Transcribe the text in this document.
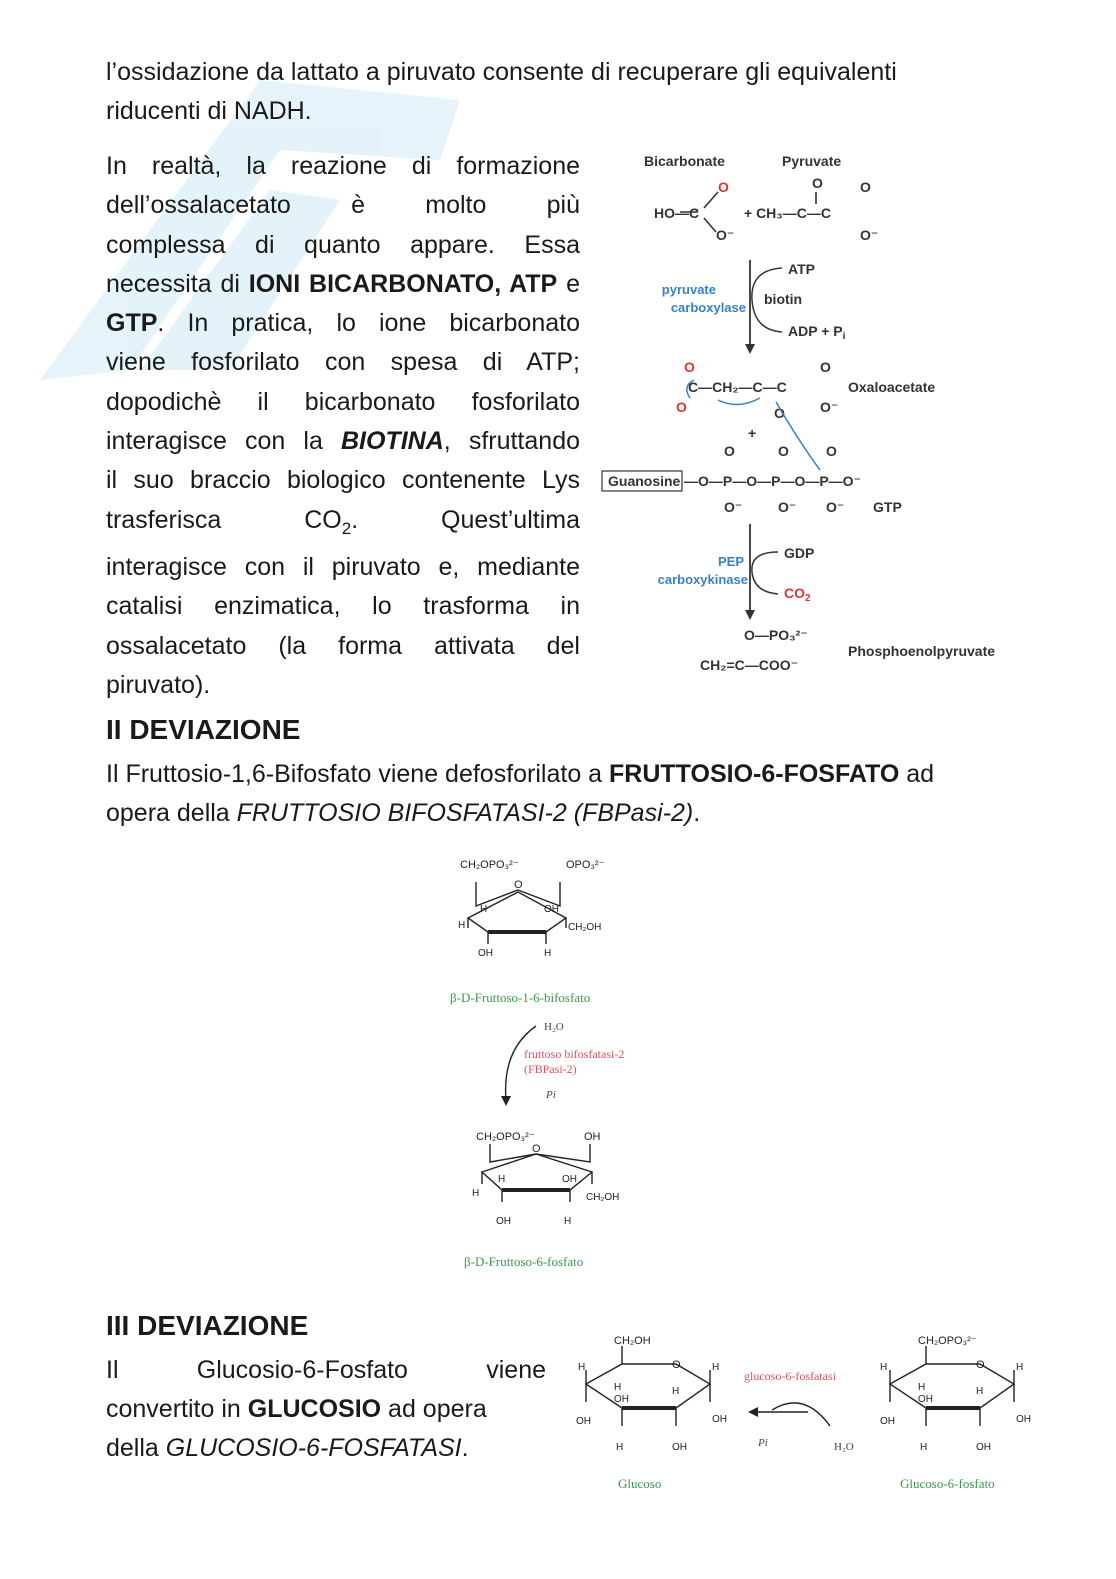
l’ossidazione da lattato a piruvato consente di recuperare gli equivalenti
riducenti di NADH.
In realtà, la reazione di formazione
dell’ossalacetato è molto più
complessa di quanto appare. Essa
necessita di IONI BICARBONATO, ATP e
GTP. In pratica, lo ione bicarbonato
viene fosforilato con spesa di ATP;
dopodichè il bicarbonato fosforilato
interagisce con la BIOTINA, sfruttando
il suo braccio biologico contenente Lys
trasferisca $CO_2$. Quest’ultima
interagisce con il piruvato e, mediante
catalisi enzimatica, lo trasforma in
ossalacetato (la forma attivata del
piruvato).
Bicarbonate	Pyruvate
HO—C
O
O⁻
+ CH₃—C—C
O	O
O⁻
ATP
biotin
ADP + $P_i$
pyruvate
carboxylase
C—CH₂—C—C
O
O	O
O
O⁻
Oxaloacetate
+
Guanosine —O—P—O—P—O—P—O⁻
O	O	O
O⁻	O⁻ O⁻ GTP
GDP
$CO_2$
PEP
carboxykinase
O—PO₃²⁻
CH₂=C—COO⁻
Phosphoenolpyruvate
II DEVIAZIONE
Il Fruttosio-1,6-Bifosfato viene defosforilato a FRUTTOSIO-6-FOSFATO ad
opera della FRUTTOSIO BIFOSFATASI-2 (FBPasi-2).
CH₂OPO₃²⁻	OPO₃²⁻
O
H	OH
H	CH₂OH
OH	H
β-D-Fruttoso-1-6-bifosfato
H₂O
fruttoso bifosfatasi-2
(FBPasi-2)
Pi
CH₂OPO₃²⁻	OH
O
H	OH
H	CH₂OH
OH	H
β-D-Fruttoso-6-fosfato
III DEVIAZIONE
Il	Glucosio-6-Fosfato	viene
convertito in GLUCOSIO ad opera
della GLUCOSIO-6-FOSFATASI.
CH₂OH
O
H	H
H
OH
H
OH	OH
H	OH
Glucoso
glucoso-6-fosfatasi
Pi	H₂O
CH₂OPO₃²⁻
O
H	H
H
OH
H
OH	OH
H	OH
Glucoso-6-fosfato
